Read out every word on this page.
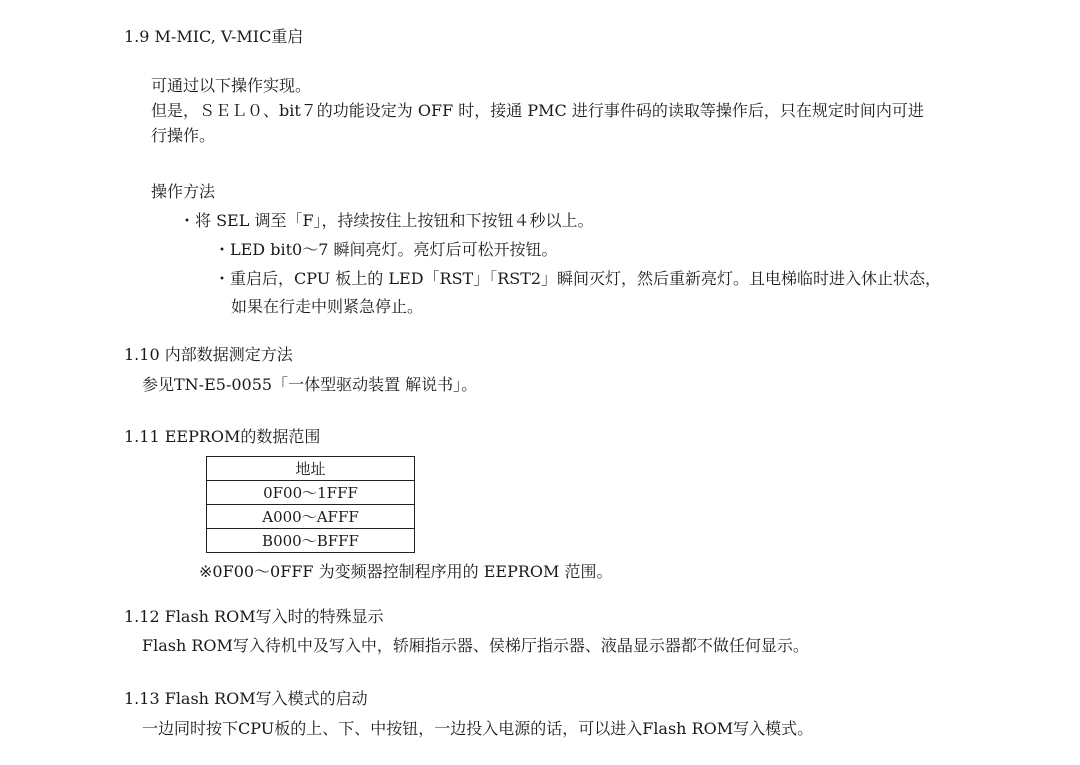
1.9 M-MIC, V-MIC重启
可通过以下操作实现。
但是，ＳＥＬ０、bit７的功能设定为 OFF 时，接通 PMC 进行事件码的读取等操作后，只在规定时间内可进
行操作。
操作方法
・将 SEL 调至「F」，持续按住上按钮和下按钮４秒以上。
・LED bit0～7 瞬间亮灯。亮灯后可松开按钮。
・重启后，CPU 板上的 LED「RST」「RST2」瞬间灭灯，然后重新亮灯。且电梯临时进入休止状态，
如果在行走中则紧急停止。
1.10 内部数据测定方法
参见TN-E5-0055「一体型驱动装置 解说书」。
1.11 EEPROM的数据范围
地址
0F00～1FFF
A000～AFFF
B000～BFFF
※0F00～0FFF 为变频器控制程序用的 EEPROM 范围。
1.12 Flash ROM写入时的特殊显示
Flash ROM写入待机中及写入中，轿厢指示器、侯梯厅指示器、液晶显示器都不做任何显示。
1.13 Flash ROM写入模式的启动
一边同时按下CPU板的上、下、中按钮，一边投入电源的话，可以进入Flash ROM写入模式。
